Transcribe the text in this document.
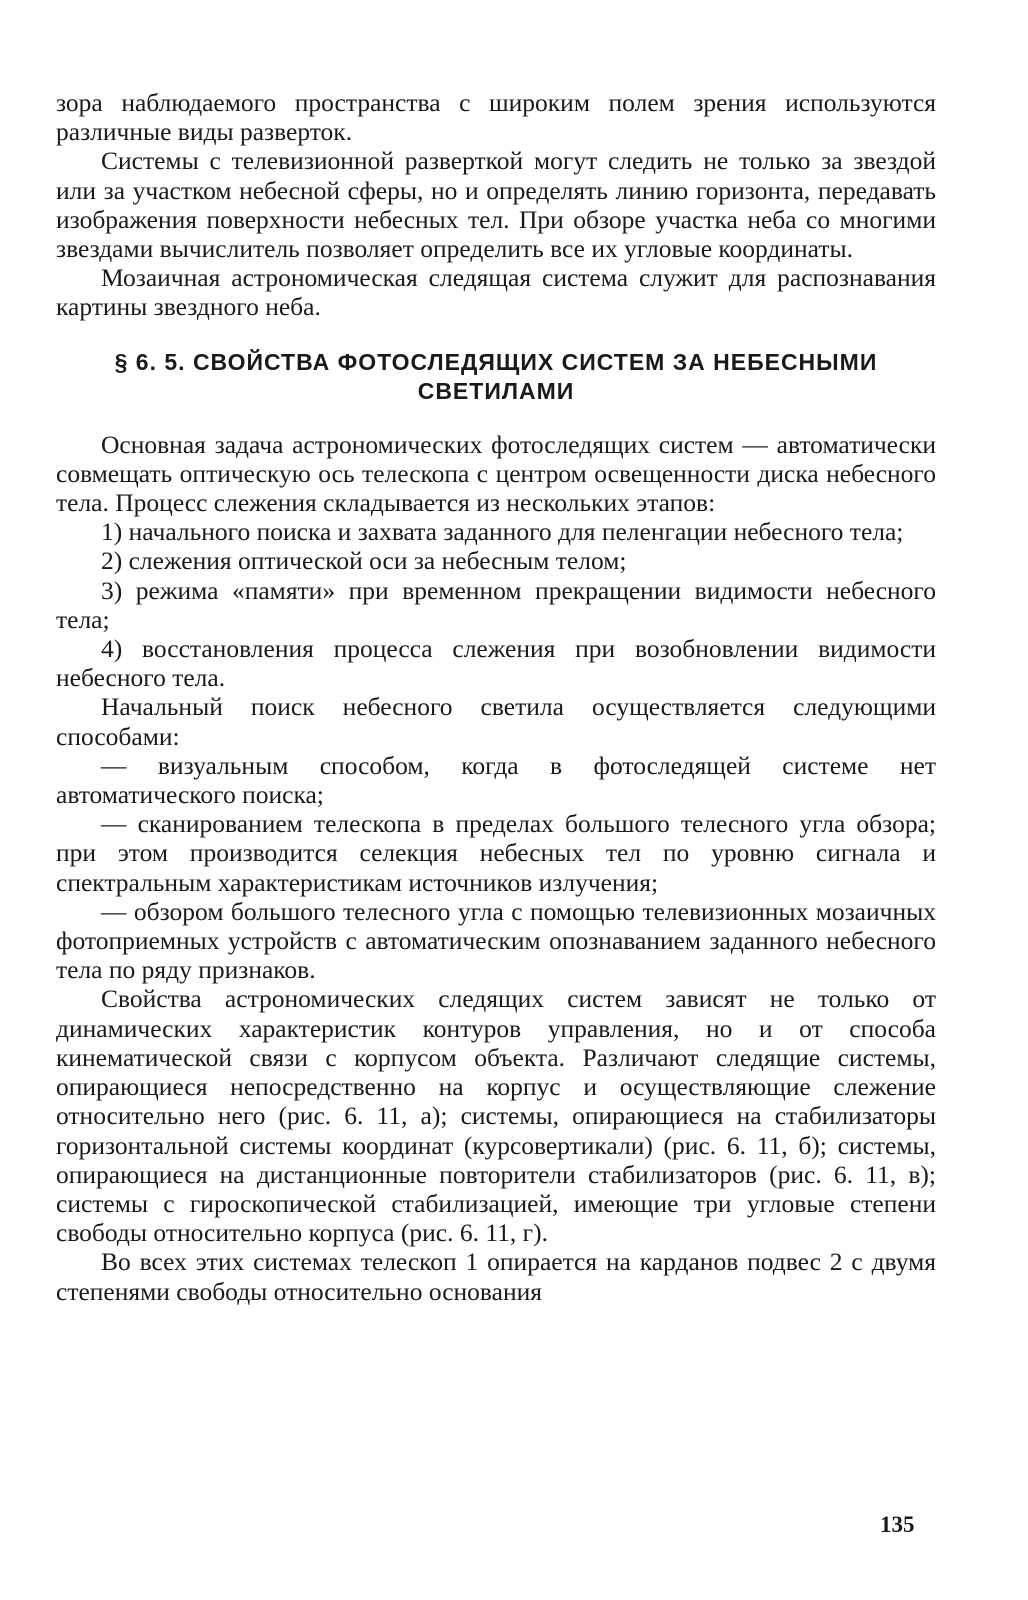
зора наблюдаемого пространства с широким полем зрения используются различные виды разверток.

Системы с телевизионной разверткой могут следить не только за звездой или за участком небесной сферы, но и определять линию горизонта, передавать изображения поверхности небесных тел. При обзоре участка неба со многими звездами вычислитель позволяет определить все их угловые координаты.

Мозаичная астрономическая следящая система служит для распознавания картины звездного неба.

§ 6. 5. СВОЙСТВА ФОТОСЛЕДЯЩИХ СИСТЕМ ЗА НЕБЕСНЫМИ СВЕТИЛАМИ

Основная задача астрономических фотоследящих систем — автоматически совмещать оптическую ось телескопа с центром освещенности диска небесного тела. Процесс слежения складывается из нескольких этапов:

1) начального поиска и захвата заданного для пеленгации небесного тела;

2) слежения оптической оси за небесным телом;

3) режима «памяти» при временном прекращении видимости небесного тела;

4) восстановления процесса слежения при возобновлении видимости небесного тела.

Начальный поиск небесного светила осуществляется следующими способами:

— визуальным способом, когда в фотоследящей системе нет автоматического поиска;

— сканированием телескопа в пределах большого телесного угла обзора; при этом производится селекция небесных тел по уровню сигнала и спектральным характеристикам источников излучения;

— обзором большого телесного угла с помощью телевизионных мозаичных фотоприемных устройств с автоматическим опознаванием заданного небесного тела по ряду признаков.

Свойства астрономических следящих систем зависят не только от динамических характеристик контуров управления, но и от способа кинематической связи с корпусом объекта. Различают следящие системы, опирающиеся непосредственно на корпус и осуществляющие слежение относительно него (рис. 6. 11, а); системы, опирающиеся на стабилизаторы горизонтальной системы координат (курсовертикали) (рис. 6. 11, б); системы, опирающиеся на дистанционные повторители стабилизаторов (рис. 6. 11, в); системы с гироскопической стабилизацией, имеющие три угловые степени свободы относительно корпуса (рис. 6. 11, г).

Во всех этих системах телескоп 1 опирается на карданов подвес 2 с двумя степенями свободы относительно основания

135
